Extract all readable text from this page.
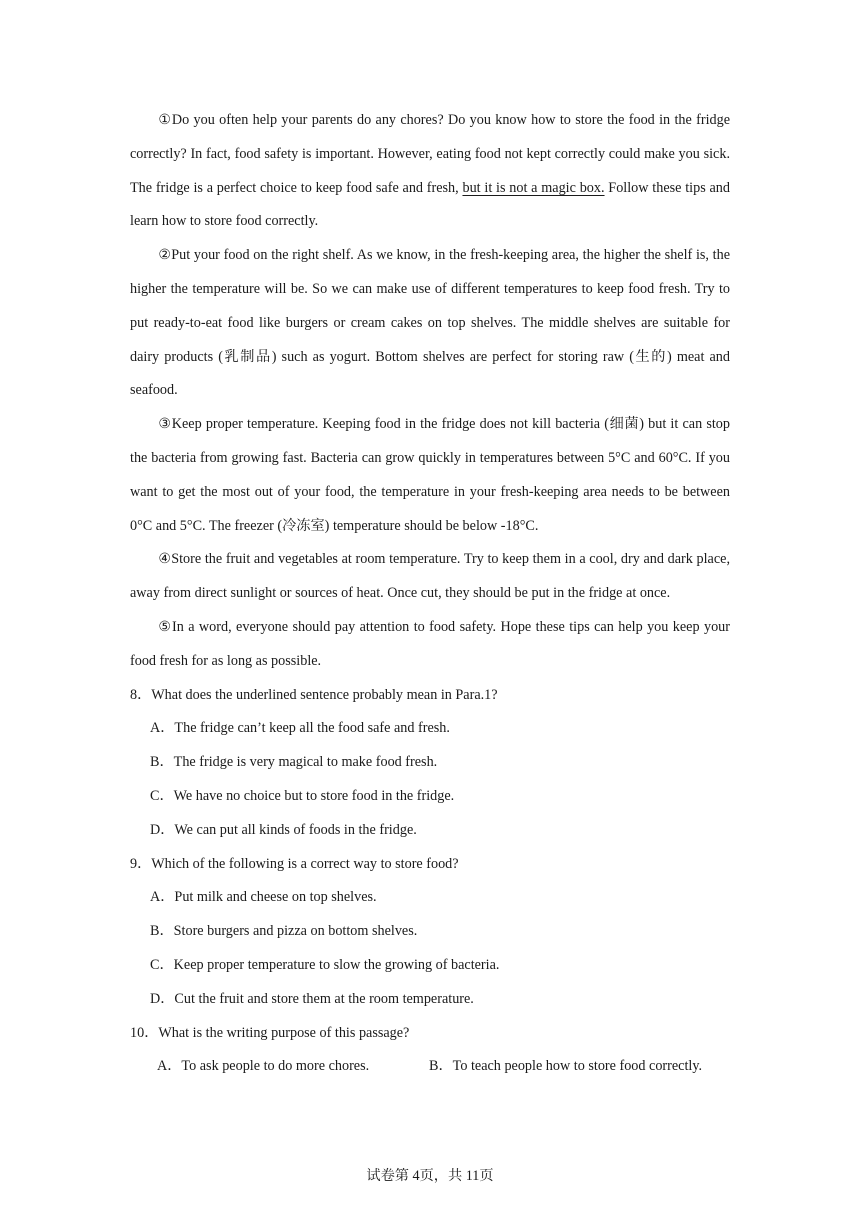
①Do you often help your parents do any chores? Do you know how to store the food in the fridge correctly? In fact, food safety is important. However, eating food not kept correctly could make you sick. The fridge is a perfect choice to keep food safe and fresh, but it is not a magic box. Follow these tips and learn how to store food correctly.

②Put your food on the right shelf. As we know, in the fresh-keeping area, the higher the shelf is, the higher the temperature will be. So we can make use of different temperatures to keep food fresh. Try to put ready-to-eat food like burgers or cream cakes on top shelves. The middle shelves are suitable for dairy products (乳制品) such as yogurt. Bottom shelves are perfect for storing raw (生的) meat and seafood.

③Keep proper temperature. Keeping food in the fridge does not kill bacteria (细菌) but it can stop the bacteria from growing fast. Bacteria can grow quickly in temperatures between 5°C and 60°C. If you want to get the most out of your food, the temperature in your fresh-keeping area needs to be between 0°C and 5°C. The freezer (冷冻室) temperature should be below -18°C.

④Store the fruit and vegetables at room temperature. Try to keep them in a cool, dry and dark place, away from direct sunlight or sources of heat. Once cut, they should be put in the fridge at once.

⑤In a word, everyone should pay attention to food safety. Hope these tips can help you keep your food fresh for as long as possible.

8．What does the underlined sentence probably mean in Para.1?

A．The fridge can’t keep all the food safe and fresh.

B．The fridge is very magical to make food fresh.

C．We have no choice but to store food in the fridge.

D．We can put all kinds of foods in the fridge.

9．Which of the following is a correct way to store food?

A．Put milk and cheese on top shelves.

B．Store burgers and pizza on bottom shelves.

C．Keep proper temperature to slow the growing of bacteria.

D．Cut the fruit and store them at the room temperature.

10．What is the writing purpose of this passage?

A．To ask people to do more chores.	B．To teach people how to store food correctly.
试卷第 4页，共 11页
